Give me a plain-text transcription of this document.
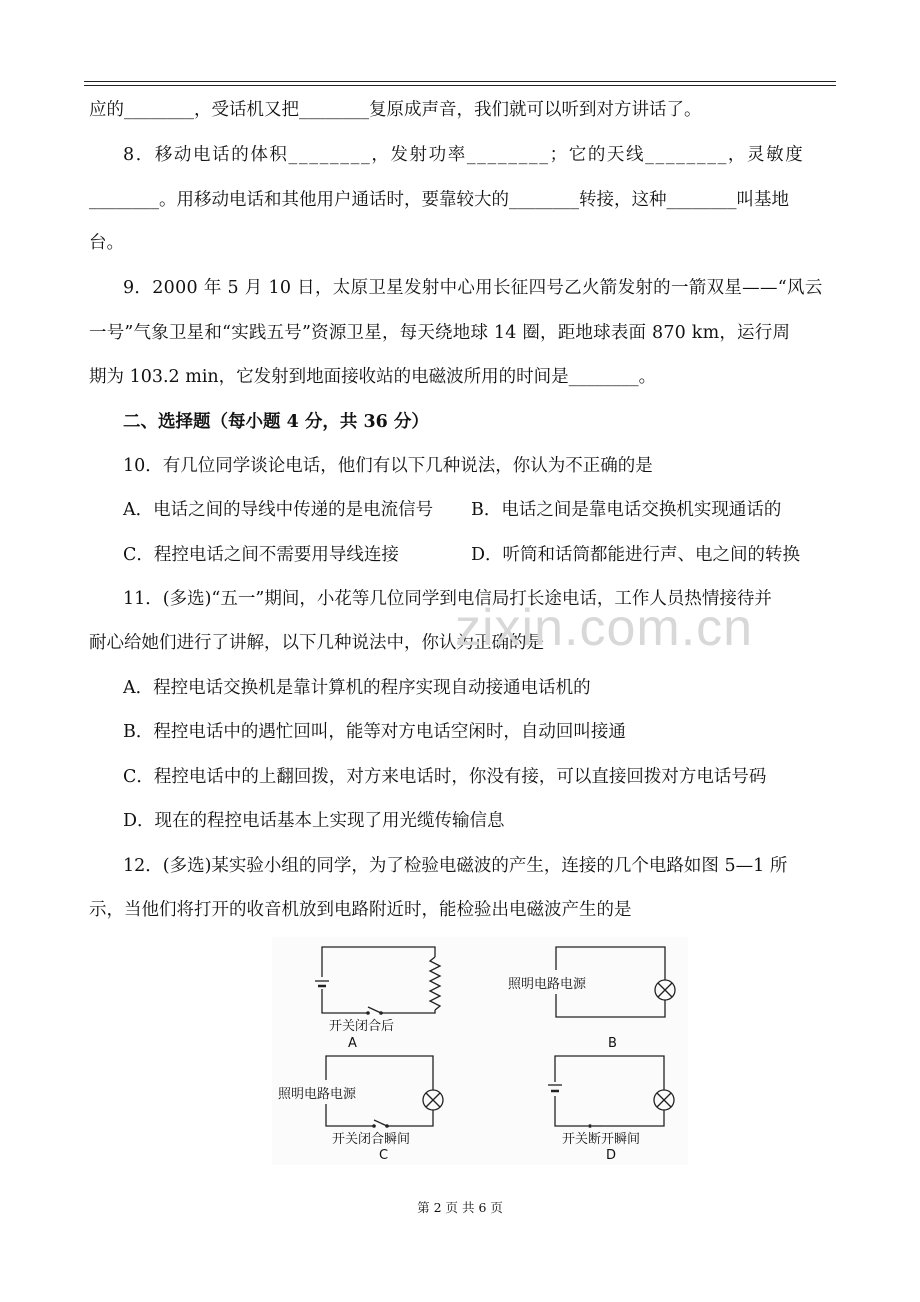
应的________，受话机又把________复原成声音，我们就可以听到对方讲话了。
8．移动电话的体积________，发射功率________；它的天线________，灵敏度
________。用移动电话和其他用户通话时，要靠较大的________转接，这种________叫基地
台。
9．2000 年 5 月 10 日，太原卫星发射中心用长征四号乙火箭发射的一箭双星——“风云
一号”气象卫星和“实践五号”资源卫星，每天绕地球 14 圈，距地球表面 870 km，运行周
期为 103.2 min，它发射到地面接收站的电磁波所用的时间是________。
二、选择题（每小题 4 分，共 36 分）
10．有几位同学谈论电话，他们有以下几种说法，你认为不正确的是
A．电话之间的导线中传递的是电流信号 B．电话之间是靠电话交换机实现通话的
C．程控电话之间不需要用导线连接	D．听筒和话筒都能进行声、电之间的转换
11．(多选)“五一”期间，小花等几位同学到电信局打长途电话，工作人员热情接待并
耐心给她们进行了讲解，以下几种说法中，你认为正确的是
A．程控电话交换机是靠计算机的程序实现自动接通电话机的
B．程控电话中的遇忙回叫，能等对方电话空闲时，自动回叫接通
C．程控电话中的上翻回拨，对方来电话时，你没有接，可以直接回拨对方电话号码
D．现在的程控电话基本上实现了用光缆传输信息
12．(多选)某实验小组的同学，为了检验电磁波的产生，连接的几个电路如图 5—1 所
示，当他们将打开的收音机放到电路附近时，能检验出电磁波产生的是
zixin.com.cn
开关闭合后
A
照明电路电源
B
照明电路电源
开关闭合瞬间
C
开关断开瞬间
D
第 2 页 共 6 页
